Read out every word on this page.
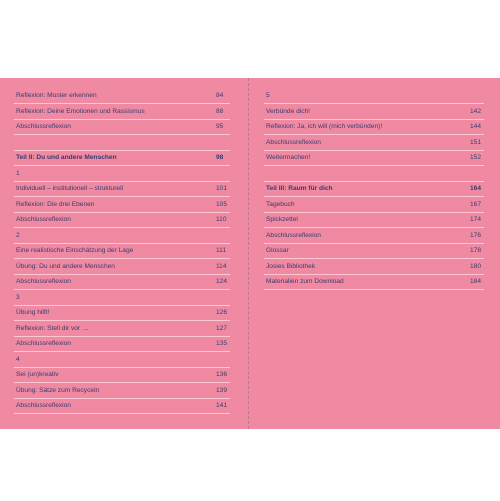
Reflexion: Muster erkennen	84
Reflexion: Deine Emotionen und Rassismus	88
Abschlussreflexion	95
Teil II: Du und andere Menschen	98
1
Individuell – institutionell – strukturell	101
Reflexion: Die drei Ebenen	105
Abschlussreflexion	110
2
Eine realistische Einschätzung der Lage	111
Übung: Du und andere Menschen	114
Abschlussreflexion	124
3
Übung hilft!	126
Reflexion: Stell dir vor …	127
Abschlussreflexion	135
4
Sei (un)kreativ	136
Übung: Sätze zum Recyceln	139
Abschlussreflexion	141
5
Verbünde dich!	142
Reflexion: Ja, ich will (mich verbünden)!	144
Abschlussreflexion	151
Weitermachen!	152
Teil III: Raum für dich	164
Tagebuch	167
Spickzettel	174
Abschlussreflexion	176
Glossar	178
Josies Bibliothek	180
Materialien zum Download	184
